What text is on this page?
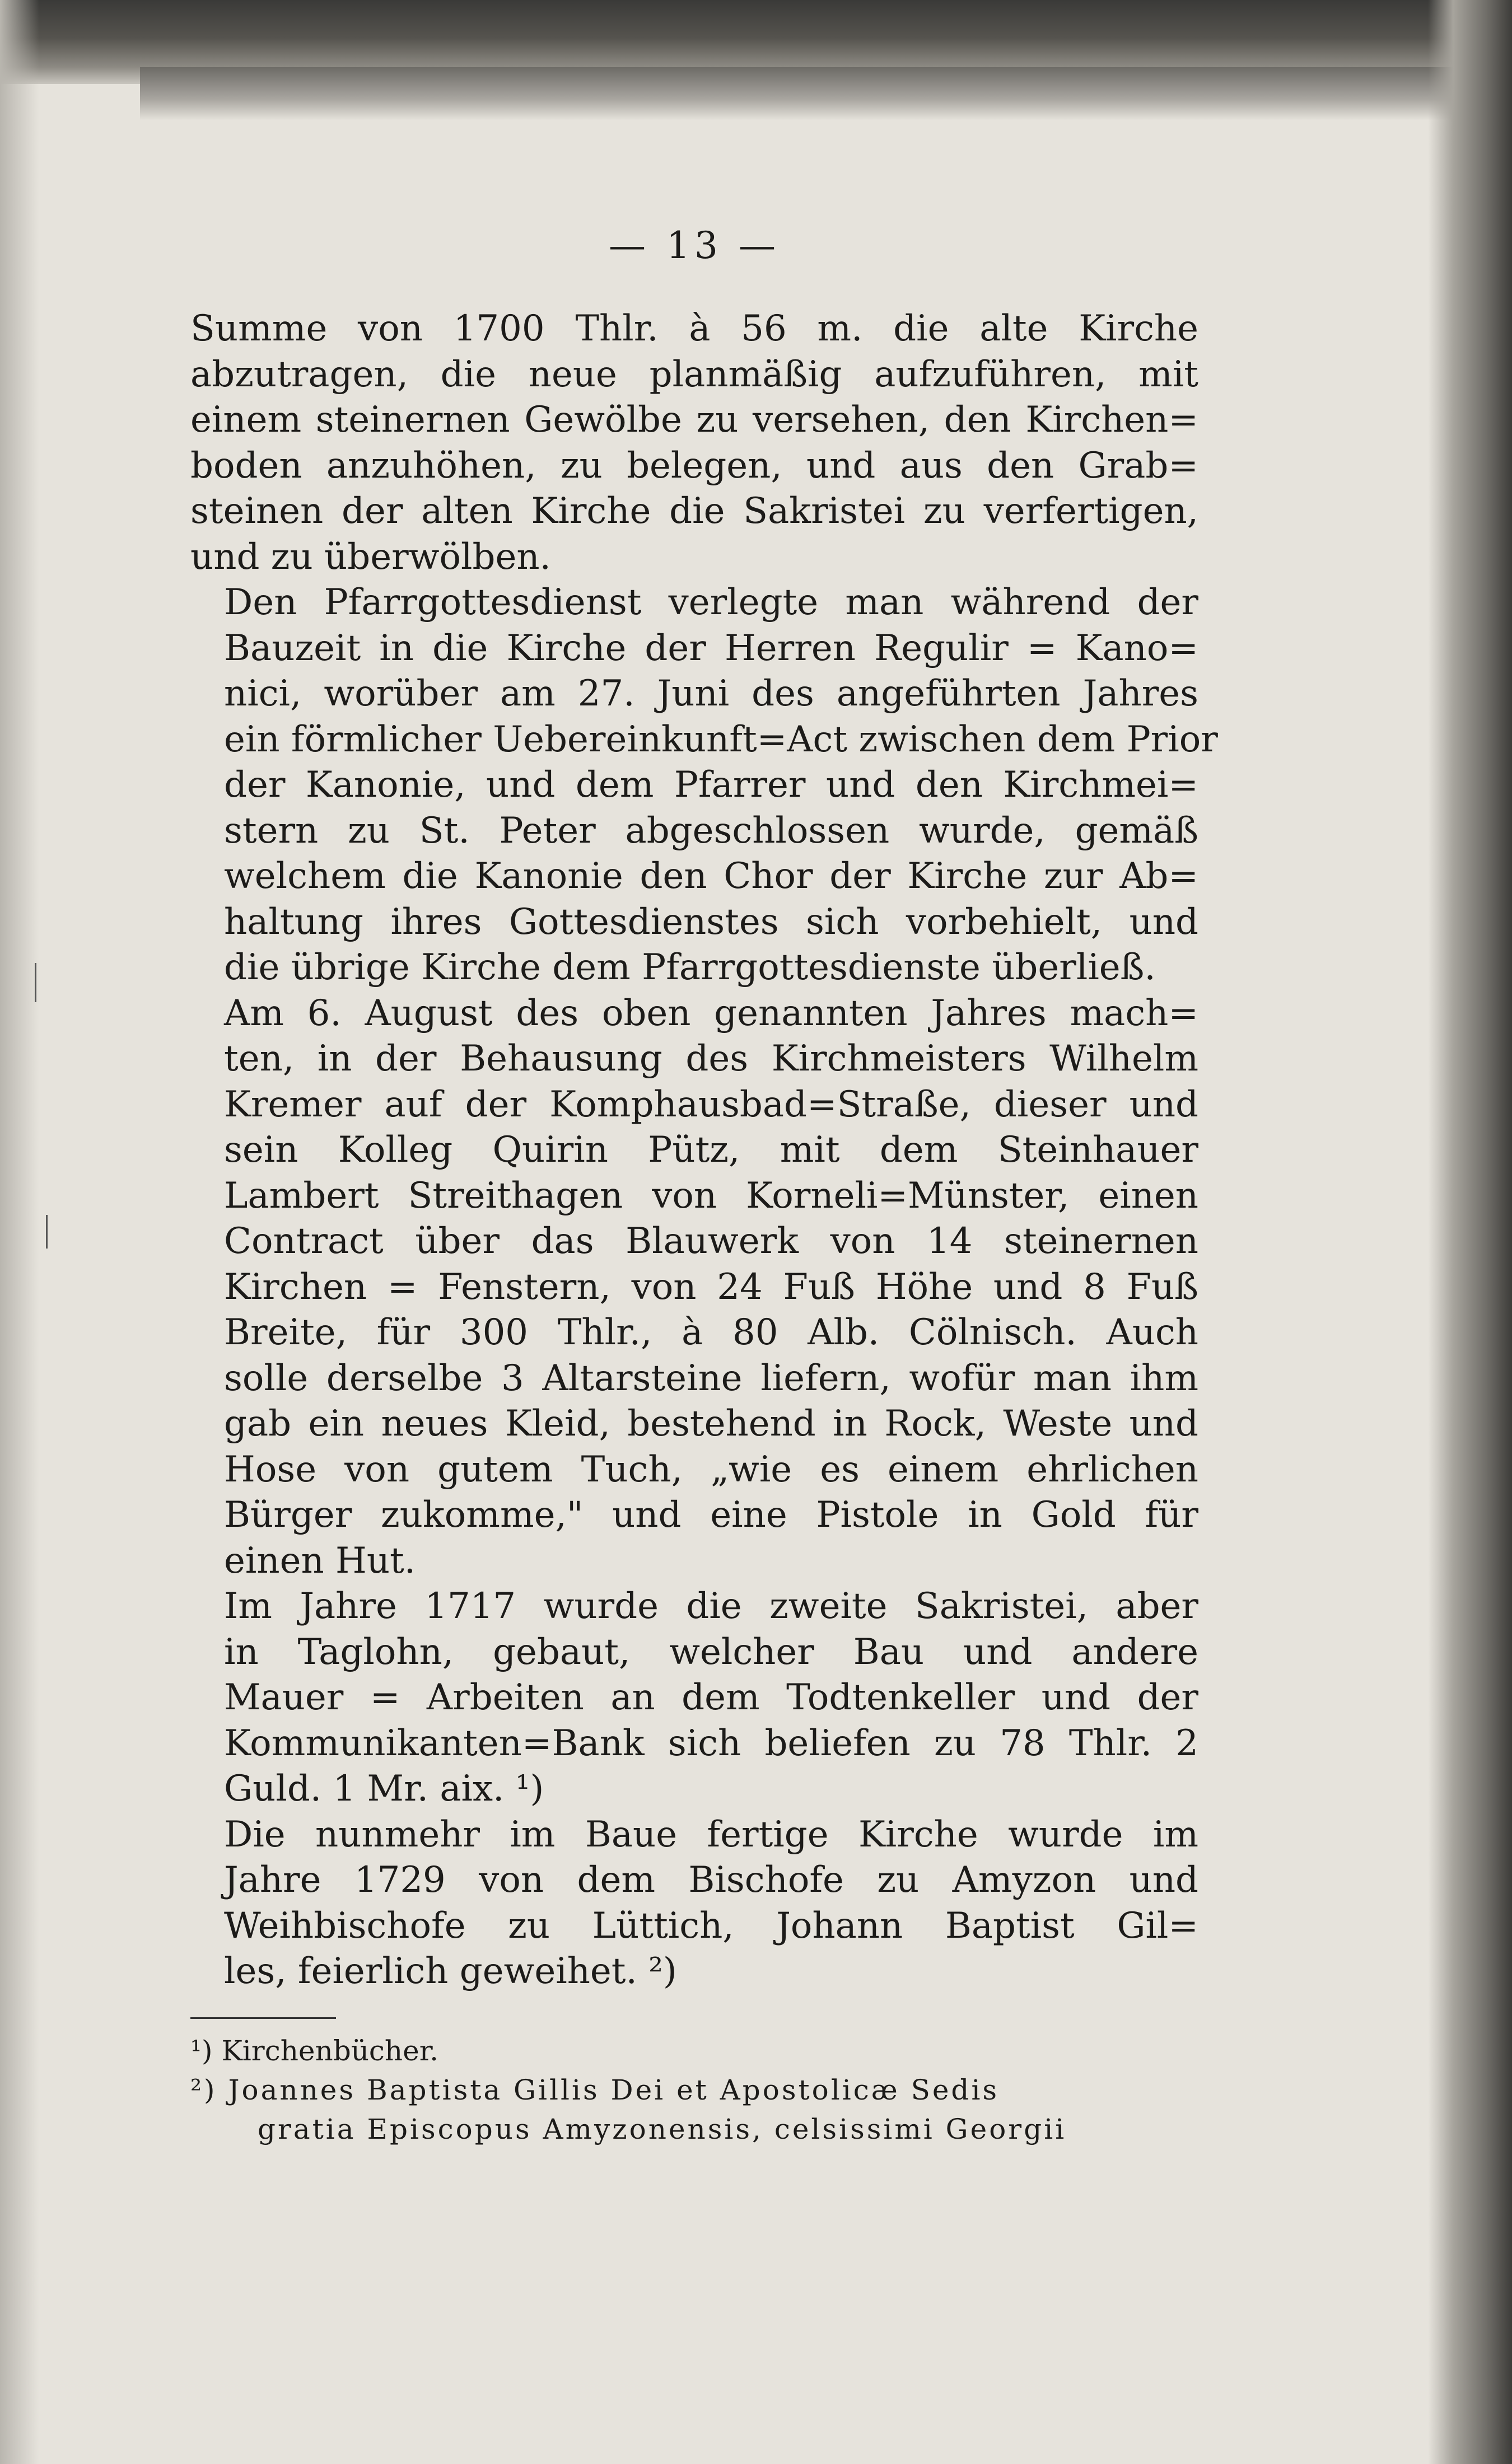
— 13 —

Summe von 1700 Thlr. à 56 m. die alte Kirche
abzutragen, die neue planmäßig aufzuführen, mit
einem steinernen Gewölbe zu versehen, den Kirchen=
boden anzuhöhen, zu belegen, und aus den Grab=
steinen der alten Kirche die Sakristei zu verfertigen,
und zu überwölben.

Den Pfarrgottesdienst verlegte man während der
Bauzeit in die Kirche der Herren Regulir = Kano=
nici, worüber am 27. Juni des angeführten Jahres
ein förmlicher Uebereinkunft=Act zwischen dem Prior
der Kanonie, und dem Pfarrer und den Kirchmei=
stern zu St. Peter abgeschlossen wurde, gemäß
welchem die Kanonie den Chor der Kirche zur Ab=
haltung ihres Gottesdienstes sich vorbehielt, und
die übrige Kirche dem Pfarrgottesdienste überließ.

Am 6. August des oben genannten Jahres mach=
ten, in der Behausung des Kirchmeisters Wilhelm
Kremer auf der Komphausbad=Straße, dieser und
sein Kolleg Quirin Pütz, mit dem Steinhauer
Lambert Streithagen von Korneli=Münster, einen
Contract über das Blauwerk von 14 steinernen
Kirchen = Fenstern, von 24 Fuß Höhe und 8 Fuß
Breite, für 300 Thlr., à 80 Alb. Cölnisch. Auch
solle derselbe 3 Altarsteine liefern, wofür man ihm
gab ein neues Kleid, bestehend in Rock, Weste und
Hose von gutem Tuch, „wie es einem ehrlichen
Bürger zukomme," und eine Pistole in Gold für
einen Hut.

Im Jahre 1717 wurde die zweite Sakristei, aber
in Taglohn, gebaut, welcher Bau und andere
Mauer = Arbeiten an dem Todtenkeller und der
Kommunikanten=Bank sich beliefen zu 78 Thlr. 2
Guld. 1 Mr. aix. ¹)

Die nunmehr im Baue fertige Kirche wurde im
Jahre 1729 von dem Bischofe zu Amyzon und
Weihbischofe zu Lüttich, Johann Baptist Gil=
les, feierlich geweihet. ²)

¹) Kirchenbücher.

²) Joannes Baptista Gillis Dei et Apostolicæ Sedis
gratia Episcopus Amyzonensis, celsissimi Georgii
